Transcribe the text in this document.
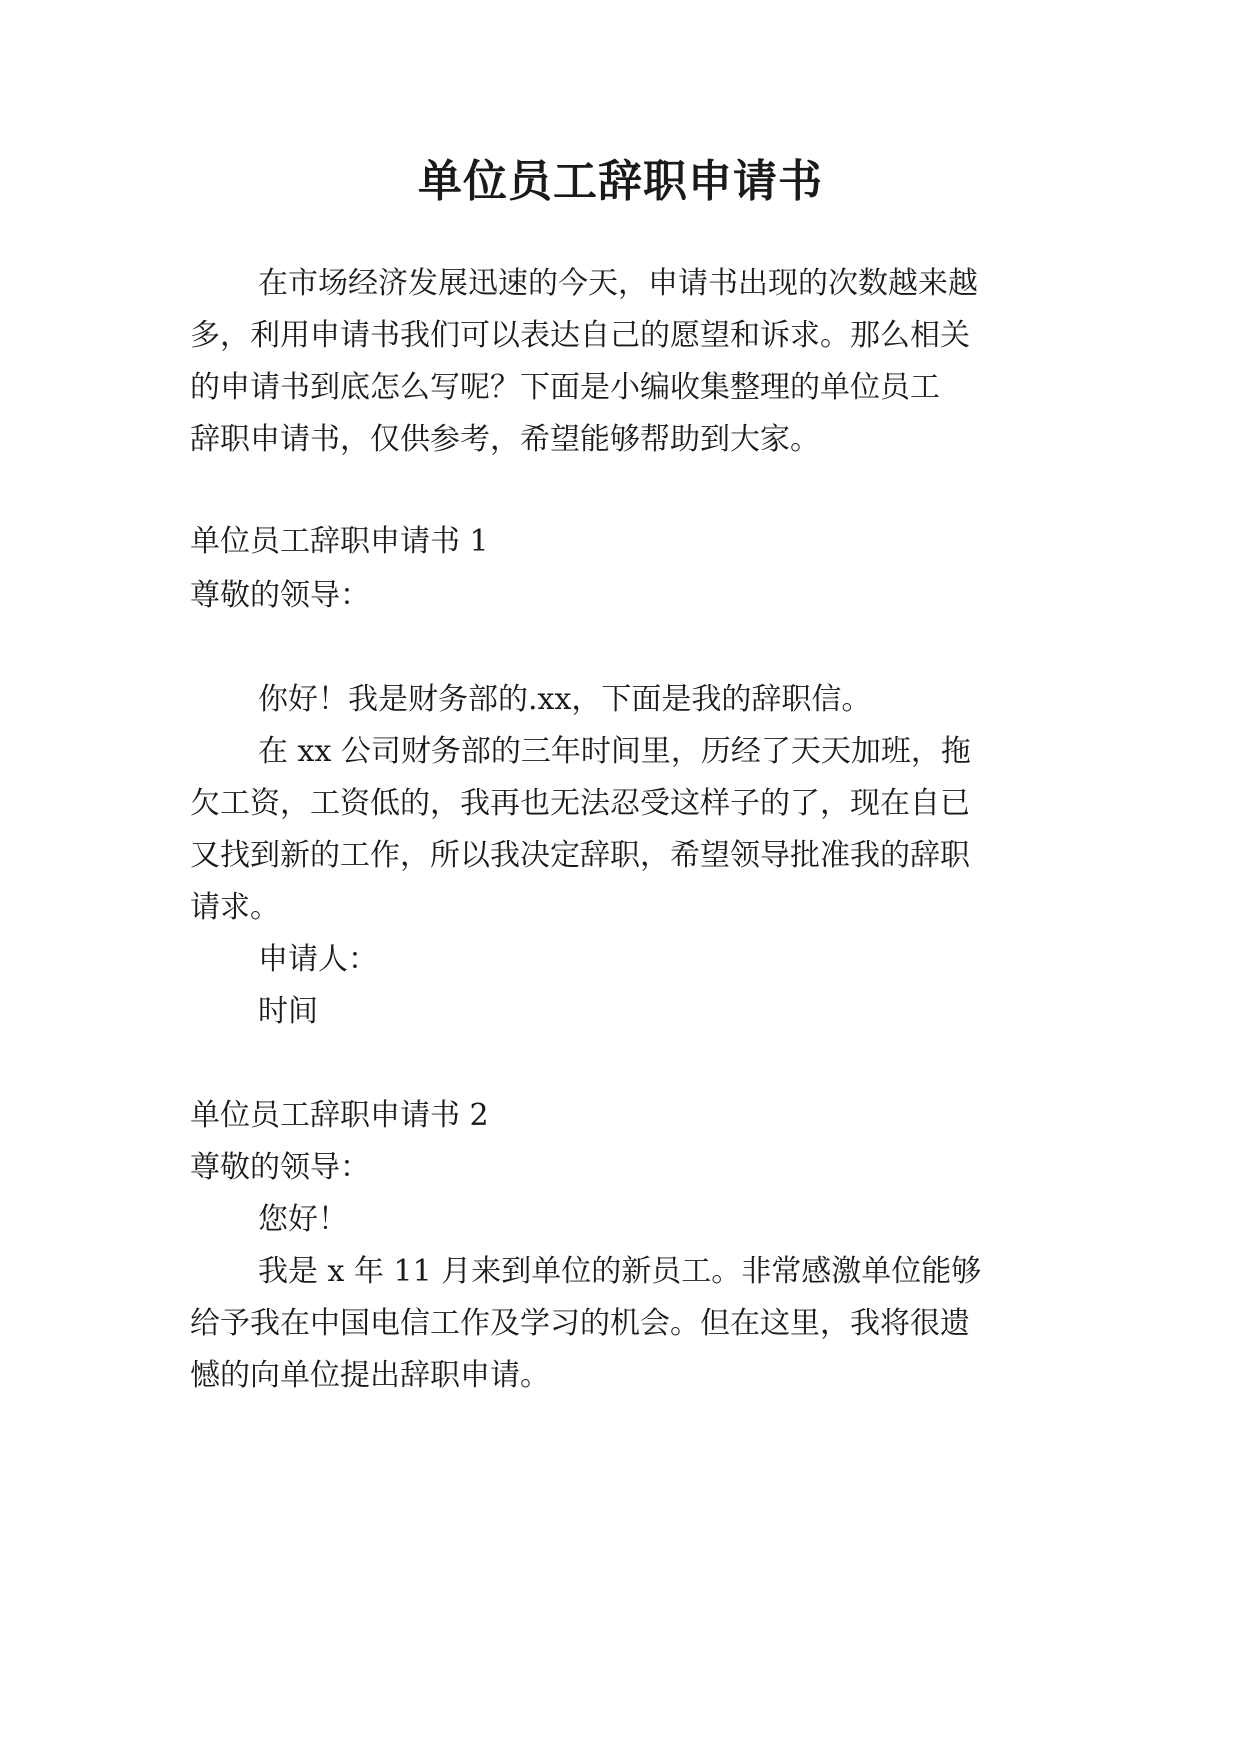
单位员工辞职申请书

在市场经济发展迅速的今天，申请书出现的次数越来越

多，利用申请书我们可以表达自己的愿望和诉求。那么相关

的申请书到底怎么写呢？下面是小编收集整理的单位员工

辞职申请书，仅供参考，希望能够帮助到大家。

单位员工辞职申请书 1

尊敬的领导：

你好！我是财务部的.xx，下面是我的辞职信。

在 xx 公司财务部的三年时间里，历经了天天加班，拖

欠工资，工资低的，我再也无法忍受这样子的了，现在自已

又找到新的工作，所以我决定辞职，希望领导批准我的辞职

请求。

申请人：

时间

单位员工辞职申请书 2

尊敬的领导：

您好！

我是 x 年 11 月来到单位的新员工。非常感激单位能够

给予我在中国电信工作及学习的机会。但在这里，我将很遗

憾的向单位提出辞职申请。
